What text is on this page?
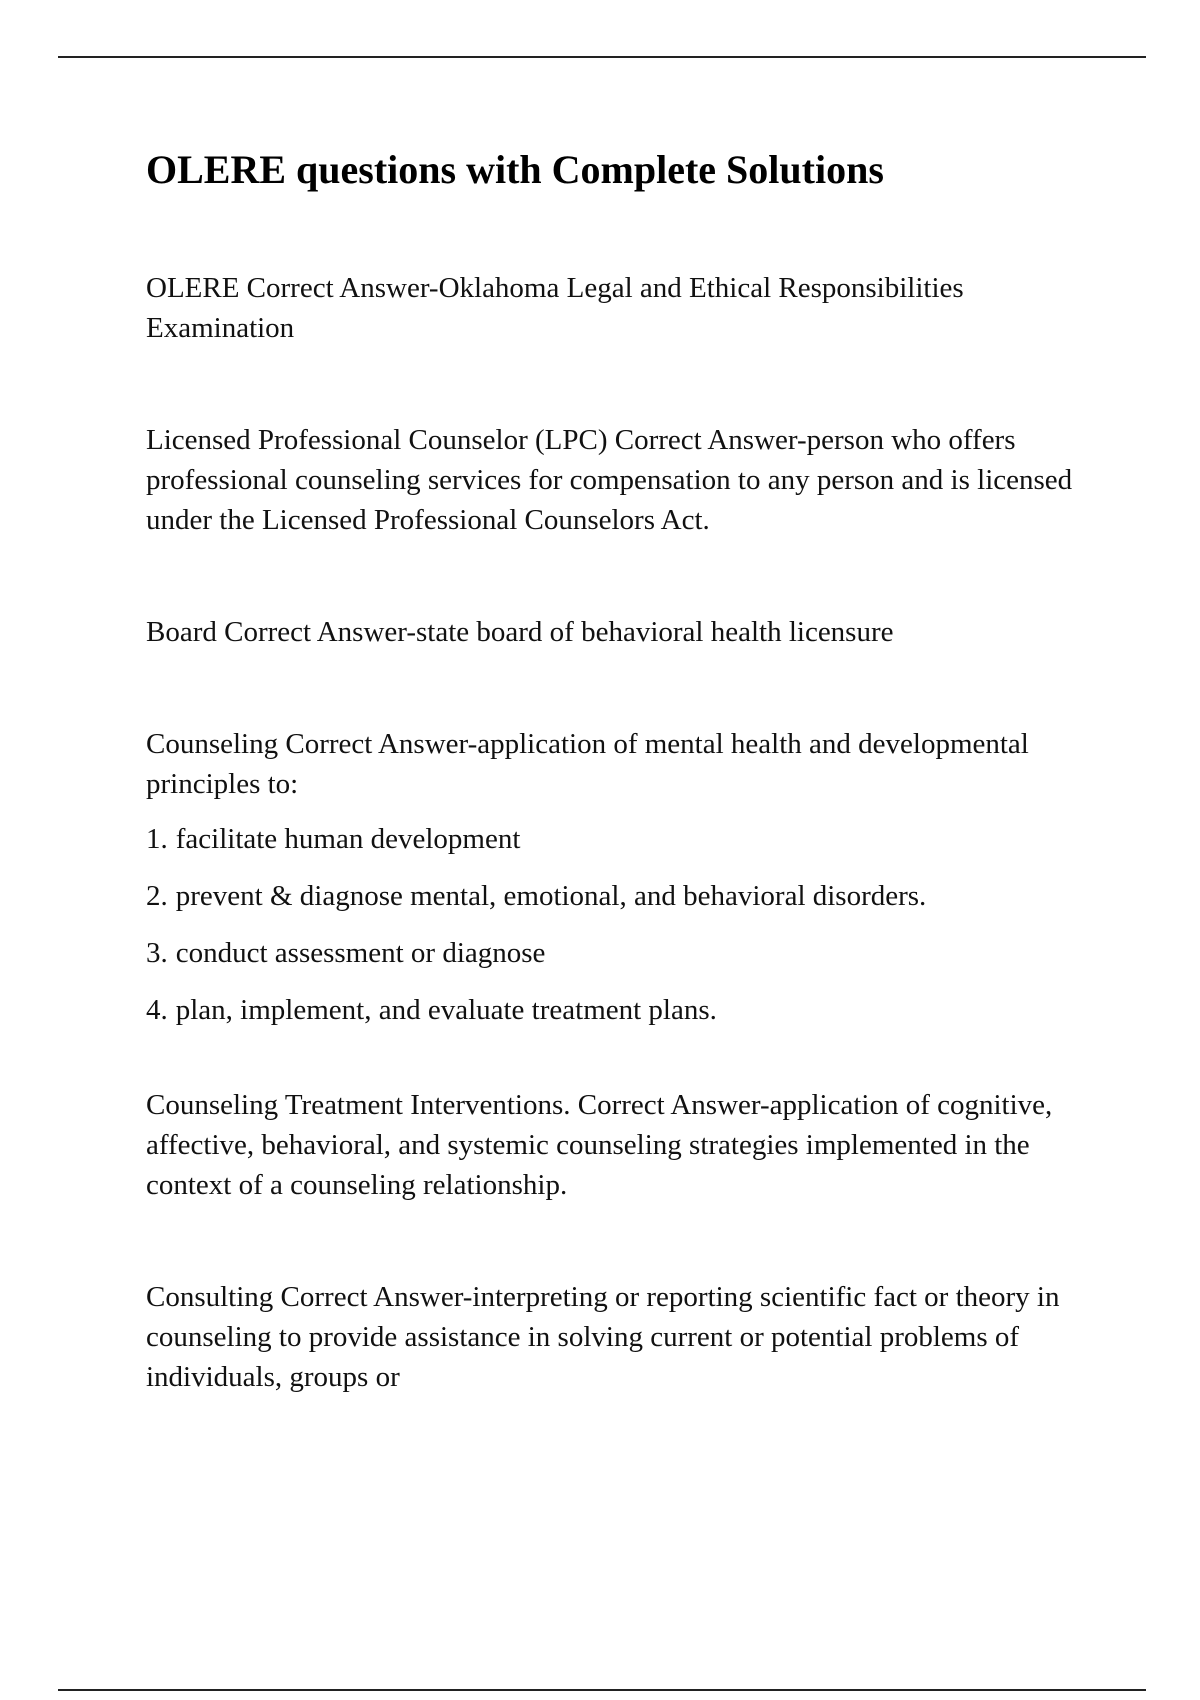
OLERE questions with Complete Solutions

OLERE Correct Answer-Oklahoma Legal and Ethical Responsibilities Examination

Licensed Professional Counselor (LPC) Correct Answer-person who offers professional counseling services for compensation to any person and is licensed under the Licensed Professional Counselors Act.

Board Correct Answer-state board of behavioral health licensure

Counseling Correct Answer-application of mental health and developmental principles to:

1. facilitate human development
2. prevent & diagnose mental, emotional, and behavioral disorders.
3. conduct assessment or diagnose
4. plan, implement, and evaluate treatment plans.

Counseling Treatment Interventions. Correct Answer-application of cognitive, affective, behavioral, and systemic counseling strategies implemented in the context of a counseling relationship.

Consulting Correct Answer-interpreting or reporting scientific fact or theory in counseling to provide assistance in solving current or potential problems of individuals, groups or
